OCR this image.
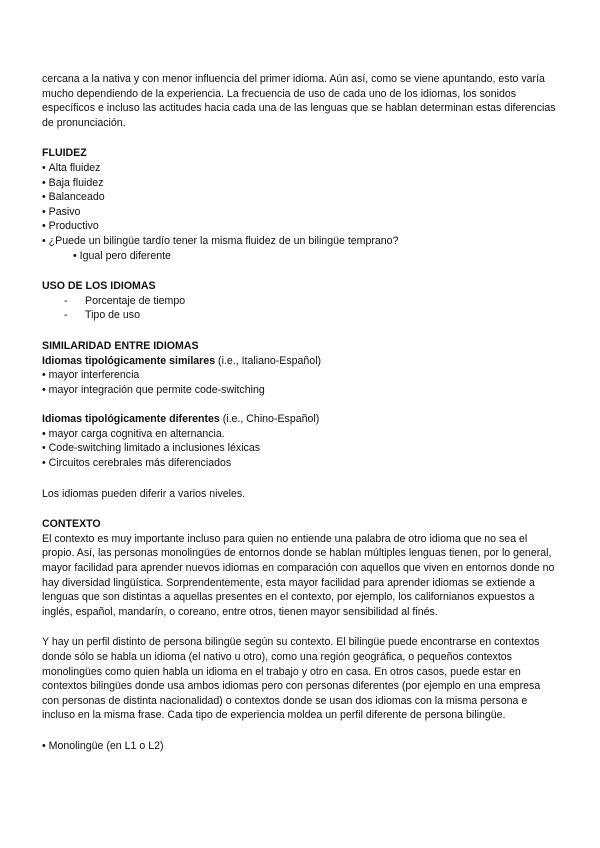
cercana a la nativa y con menor influencia del primer idioma. Aún así, como se viene apuntando, esto varía mucho dependiendo de la experiencia. La frecuencia de uso de cada uno de los idiomas, los sonidos específicos e incluso las actitudes hacia cada una de las lenguas que se hablan determinan estas diferencias de pronunciación.

FLUIDEZ

• Alta fluidez

• Baja fluidez

• Balanceado

• Pasivo

• Productivo

• ¿Puede un bilingüe tardío tener la misma fluidez de un bilingüe temprano?

• Igual pero diferente

USO DE LOS IDIOMAS

-	Porcentaje de tiempo
-	Tipo de uso

SIMILARIDAD ENTRE IDIOMAS

Idiomas tipológicamente similares (i.e., Italiano-Español)

• mayor interferencia

• mayor integración que permite code-switching

Idiomas tipológicamente diferentes (i.e., Chino-Español)

• mayor carga cognitiva en alternancia.

• Code-switching limitado a inclusiones léxicas

• Circuitos cerebrales más diferenciados

Los idiomas pueden diferir a varios niveles.

CONTEXTO

El contexto es muy importante incluso para quien no entiende una palabra de otro idioma que no sea el propio. Así, las personas monolingües de entornos donde se hablan múltiples lenguas tienen, por lo general, mayor facilidad para aprender nuevos idiomas en comparación con aquellos que viven en entornos donde no hay diversidad lingüística. Sorprendentemente, esta mayor facilidad para aprender idiomas se extiende a lenguas que son distintas a aquellas presentes en el contexto, por ejemplo, los californianos expuestos a inglés, español, mandarín, o coreano, entre otros, tienen mayor sensibilidad al finés.

Y hay un perfil distinto de persona bilingüe según su contexto. El bilingüe puede encontrarse en contextos donde sólo se habla un idioma (el nativo u otro), como una región geográfica, o pequeños contextos monolingües como quien habla un idioma en el trabajo y otro en casa. En otros casos, puede estar en contextos bilingües donde usa ambos idiomas pero con personas diferentes (por ejemplo en una empresa con personas de distinta nacionalidad) o contextos donde se usan dos idiomas con la misma persona e incluso en la misma frase. Cada tipo de experiencia moldea un perfil diferente de persona bilingüe.

• Monolingüe (en L1 o L2)
